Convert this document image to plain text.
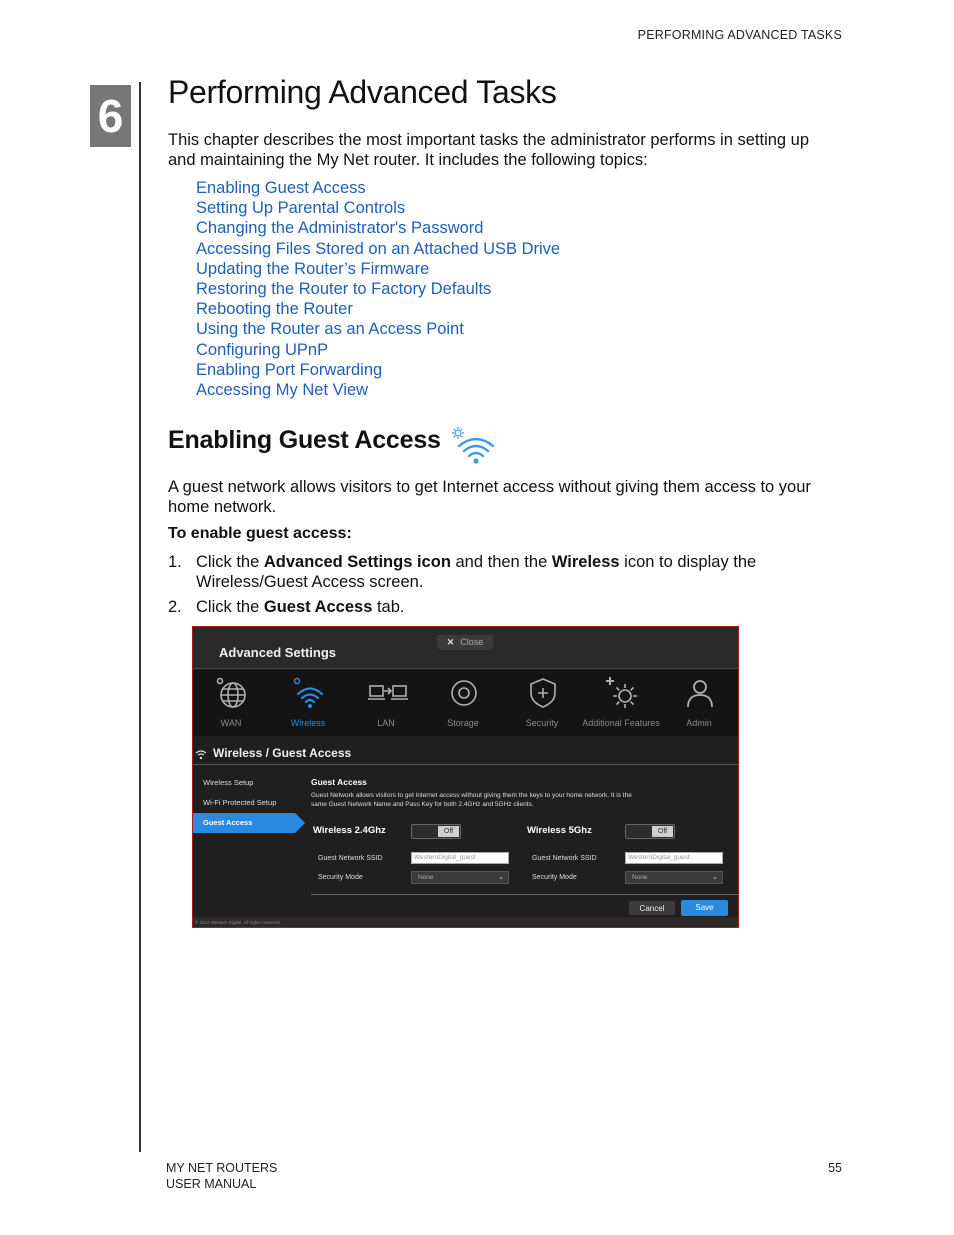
PERFORMING ADVANCED TASKS
6 Performing Advanced Tasks

This chapter describes the most important tasks the administrator performs in setting up and maintaining the My Net router. It includes the following topics:

Enabling Guest Access
Setting Up Parental Controls
Changing the Administrator's Password
Accessing Files Stored on an Attached USB Drive
Updating the Router’s Firmware
Restoring the Router to Factory Defaults
Rebooting the Router
Using the Router as an Access Point
Configuring UPnP
Enabling Port Forwarding
Accessing My Net View
Enabling Guest Access

A guest network allows visitors to get Internet access without giving them access to your home network.

To enable guest access:

1. Click the Advanced Settings icon and then the Wireless icon to display the Wireless/Guest Access screen.
2. Click the Guest Access tab.
Advanced Settings
✕ Close
WAN	Wireless	LAN	Storage	Security	Additional Features	Admin
Wireless / Guest Access
Wireless Setup
Wi-Fi Protected Setup
Guest Access
Guest Access
Guest Network allows visitors to get internet access without giving them the keys to your home network. It is the same Guest Network Name and Pass Key for both 2.4GHz and 5GHz clients.
Wireless 2.4Ghz	Off
Guest Network SSID	WesternDigital_guest
Security Mode	None	⌄
Wireless 5Ghz	Off
Guest Network SSID	WesternDigital_guest
Security Mode	None	⌄
Cancel	Save
© 2012 Western Digital. All rights reserved.
MY NET ROUTERS
USER MANUAL
55
